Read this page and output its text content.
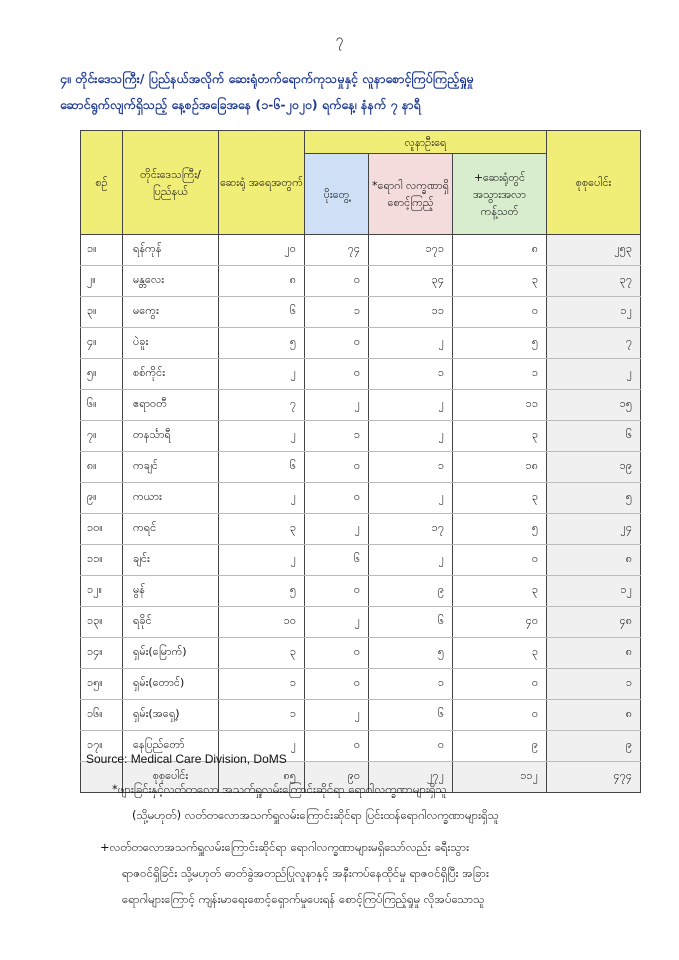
၇
၄။ တိုင်းဒေသကြီး/ ပြည်နယ်အလိုက် ဆေးရုံတက်ရောက်ကုသမှုနှင့် လူနာစောင့်ကြပ်ကြည့်ရှုမှု
ဆောင်ရွက်လျက်ရှိသည့် နေ့စဉ်အခြေအနေ (၁-၆-၂၀၂၀) ရက်နေ့၊ နံနက် ၇ နာရီ
စဉ်	တိုင်းဒေသကြီး/ ပြည်နယ်	ဆေးရုံ အရေအတွက်	လူနာဦးရေ			စုစုပေါင်း
			ပိုးတွေ့	*ရောဂါ လက္ခဏာရှိ စောင့်ကြည့်	+ဆေးရုံတွင် အသွားအလာ ကန့်သတ်	
၁။	ရန်ကုန်	၂၀	၇၄	၁၇၁	၈	၂၅၃
၂။	မန္တလေး	၈	၀	၃၄	၃	၃၇
၃။	မကွေး	၆	၁	၁၁	၀	၁၂
၄။	ပဲခူး	၅	၀	၂	၅	၇
၅။	စစ်ကိုင်း	၂	၀	၁	၁	၂
၆။	ဧရာဝတီ	၇	၂	၂	၁၁	၁၅
၇။	တနင်္သာရီ	၂	၁	၂	၃	၆
၈။	ကချင်	၆	၀	၁	၁၈	၁၉
၉။	ကယား	၂	၀	၂	၃	၅
၁၀။	ကရင်	၃	၂	၁၇	၅	၂၄
၁၁။	ချင်း	၂	၆	၂	၀	၈
၁၂။	မွန်	၅	၀	၉	၃	၁၂
၁၃။	ရခိုင်	၁၀	၂	၆	၄၀	၄၈
၁၄။	ရှမ်း(မြောက်)	၃	၀	၅	၃	၈
၁၅။	ရှမ်း(တောင်)	၁	၀	၁	၀	၁
၁၆။	ရှမ်း(အရှေ့)	၁	၂	၆	၀	၈
၁၇။	နေပြည်တော်	၂	၀	၀	၉	၉
	စုစုပေါင်း	၈၅	၉၀	၂၇၂	၁၁၂	၄၇၄
Source: Medical Care Division, DoMS
*ဖျားခြင်းနှင့်လတ်တလော အသက်ရှူလမ်းကြောင်းဆိုင်ရာ ရောဂါလက္ခဏာများရှိသူ
(သို့မဟုတ်) လတ်တလောအသက်ရှူလမ်းကြောင်းဆိုင်ရာ ပြင်းထန်ရောဂါလက္ခဏာများရှိသူ
+လတ်တလောအသက်ရှူလမ်းကြောင်းဆိုင်ရာ ရောဂါလက္ခဏာများမရှိသော်လည်း ခရီးသွား
ရာဇဝင်ရှိခြင်း သို့မဟုတ် ဓာတ်ခွဲအတည်ပြုလူနာနှင့် အနီးကပ်နေထိုင်မှု ရာဇဝင်ရှိပြီး အခြား
ရောဂါများကြောင့် ကျန်းမာရေးစောင့်ရှောက်မှုပေးရန် စောင့်ကြပ်ကြည့်ရှုမှု လိုအပ်သောသူ
